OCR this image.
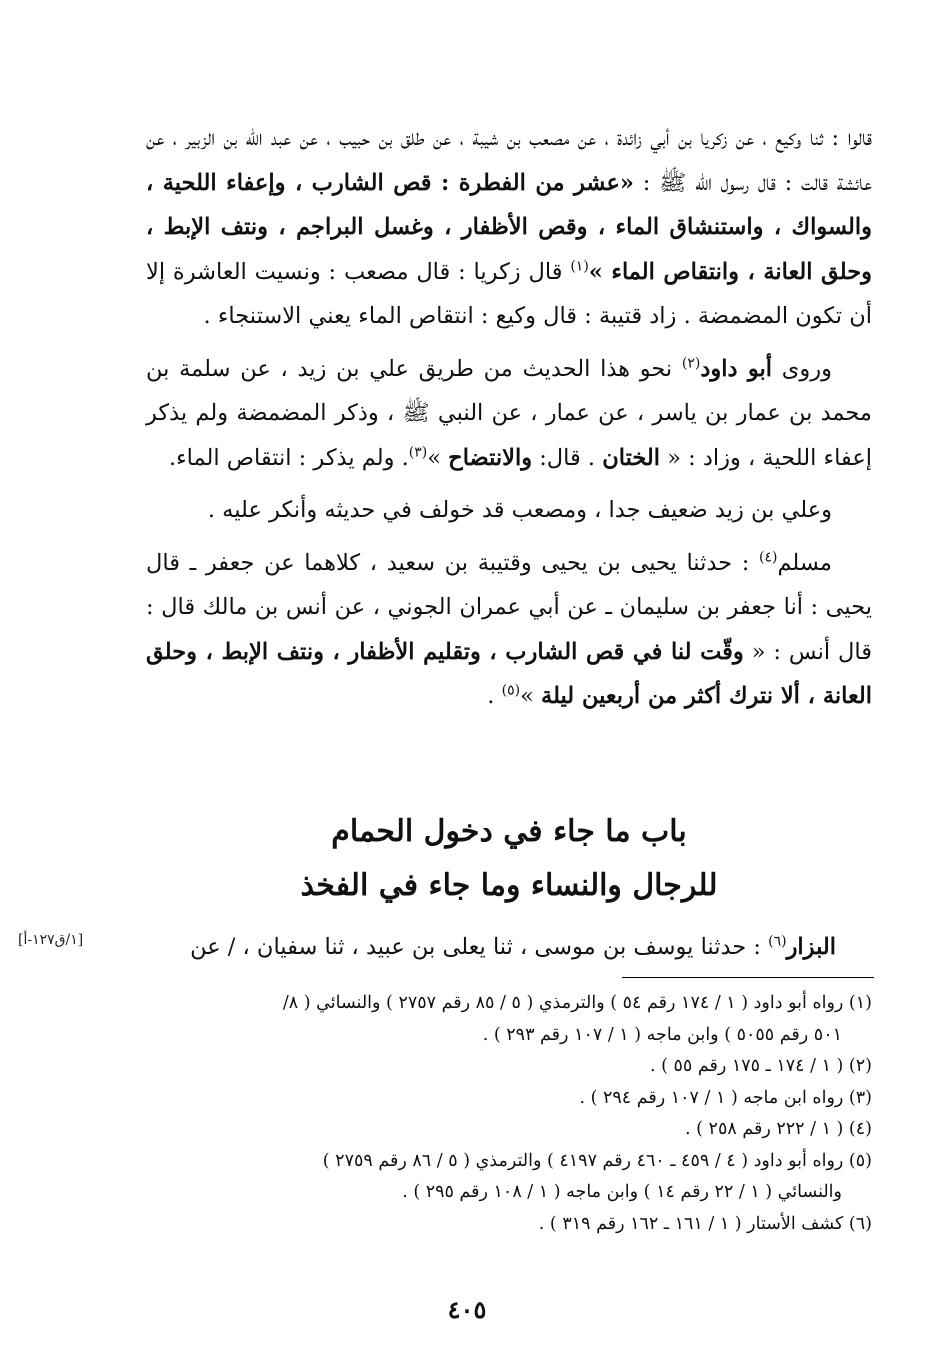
قالوا : ثنا وكيع ، عن زكريا بن أبي زائدة ، عن مصعب بن شيبة ، عن طلق بن حبيب ، عن عبد الله بن الزبير ، عن عائشة قالت : قال رسول الله ﷺ : «عشر من الفطرة : قص الشارب ، وإعفاء اللحية ، والسواك ، واستنشاق الماء ، وقص الأظفار ، وغسل البراجم ، ونتف الإبط ، وحلق العانة ، وانتقاص الماء »$^{(١)}$ قال زكريا : قال مصعب : ونسيت العاشرة إلا أن تكون المضمضة . زاد قتيبة : قال وكيع : انتقاص الماء يعني الاستنجاء .

وروى أبو داود$^{(٢)}$ نحو هذا الحديث من طريق علي بن زيد ، عن سلمة بن محمد بن عمار بن ياسر ، عن عمار ، عن النبي ﷺ ، وذكر المضمضة ولم يذكر إعفاء اللحية ، وزاد : « الختان . قال: والانتضاح »$^{(٣)}$. ولم يذكر : انتقاص الماء.

وعلي بن زيد ضعيف جدا ، ومصعب قد خولف في حديثه وأنكر عليه .

مسلم$^{(٤)}$ : حدثنا يحيى بن يحيى وقتيبة بن سعيد ، كلاهما عن جعفر ـ قال يحيى : أنا جعفر بن سليمان ـ عن أبي عمران الجوني ، عن أنس بن مالك قال : قال أنس : « وقّت لنا في قص الشارب ، وتقليم الأظفار ، ونتف الإبط ، وحلق العانة ، ألا نترك أكثر من أربعين ليلة »$^{(٥)}$ .

باب ما جاء في دخول الحمام
للرجال والنساء وما جاء في الفخذ
البزار$^{(٦)}$ : حدثنا يوسف بن موسى ، ثنا يعلى بن عبيد ، ثنا سفيان ، / عن
[١/ق١٢٧-أ]

(١) رواه أبو داود ( ١ / ١٧٤ رقم ٥٤ ) والترمذي ( ٥ / ٨٥ رقم ٢٧٥٧ ) والنسائي ( ٨/

٥٠١ رقم ٥٠٥٥ ) وابن ماجه ( ١ / ١٠٧ رقم ٢٩٣ ) .

(٢) ( ١ / ١٧٤ ـ ١٧٥ رقم ٥٥ ) .

(٣) رواه ابن ماجه ( ١ / ١٠٧ رقم ٢٩٤ ) .

(٤) ( ١ / ٢٢٢ رقم ٢٥٨ ) .

(٥) رواه أبو داود ( ٤ / ٤٥٩ ـ ٤٦٠ رقم ٤١٩٧ ) والترمذي ( ٥ / ٨٦ رقم ٢٧٥٩ )

والنسائي ( ١ / ٢٢ رقم ١٤ ) وابن ماجه ( ١ / ١٠٨ رقم ٢٩٥ ) .

(٦) كشف الأستار ( ١ / ١٦١ ـ ١٦٢ رقم ٣١٩ ) .

٤٠٥
